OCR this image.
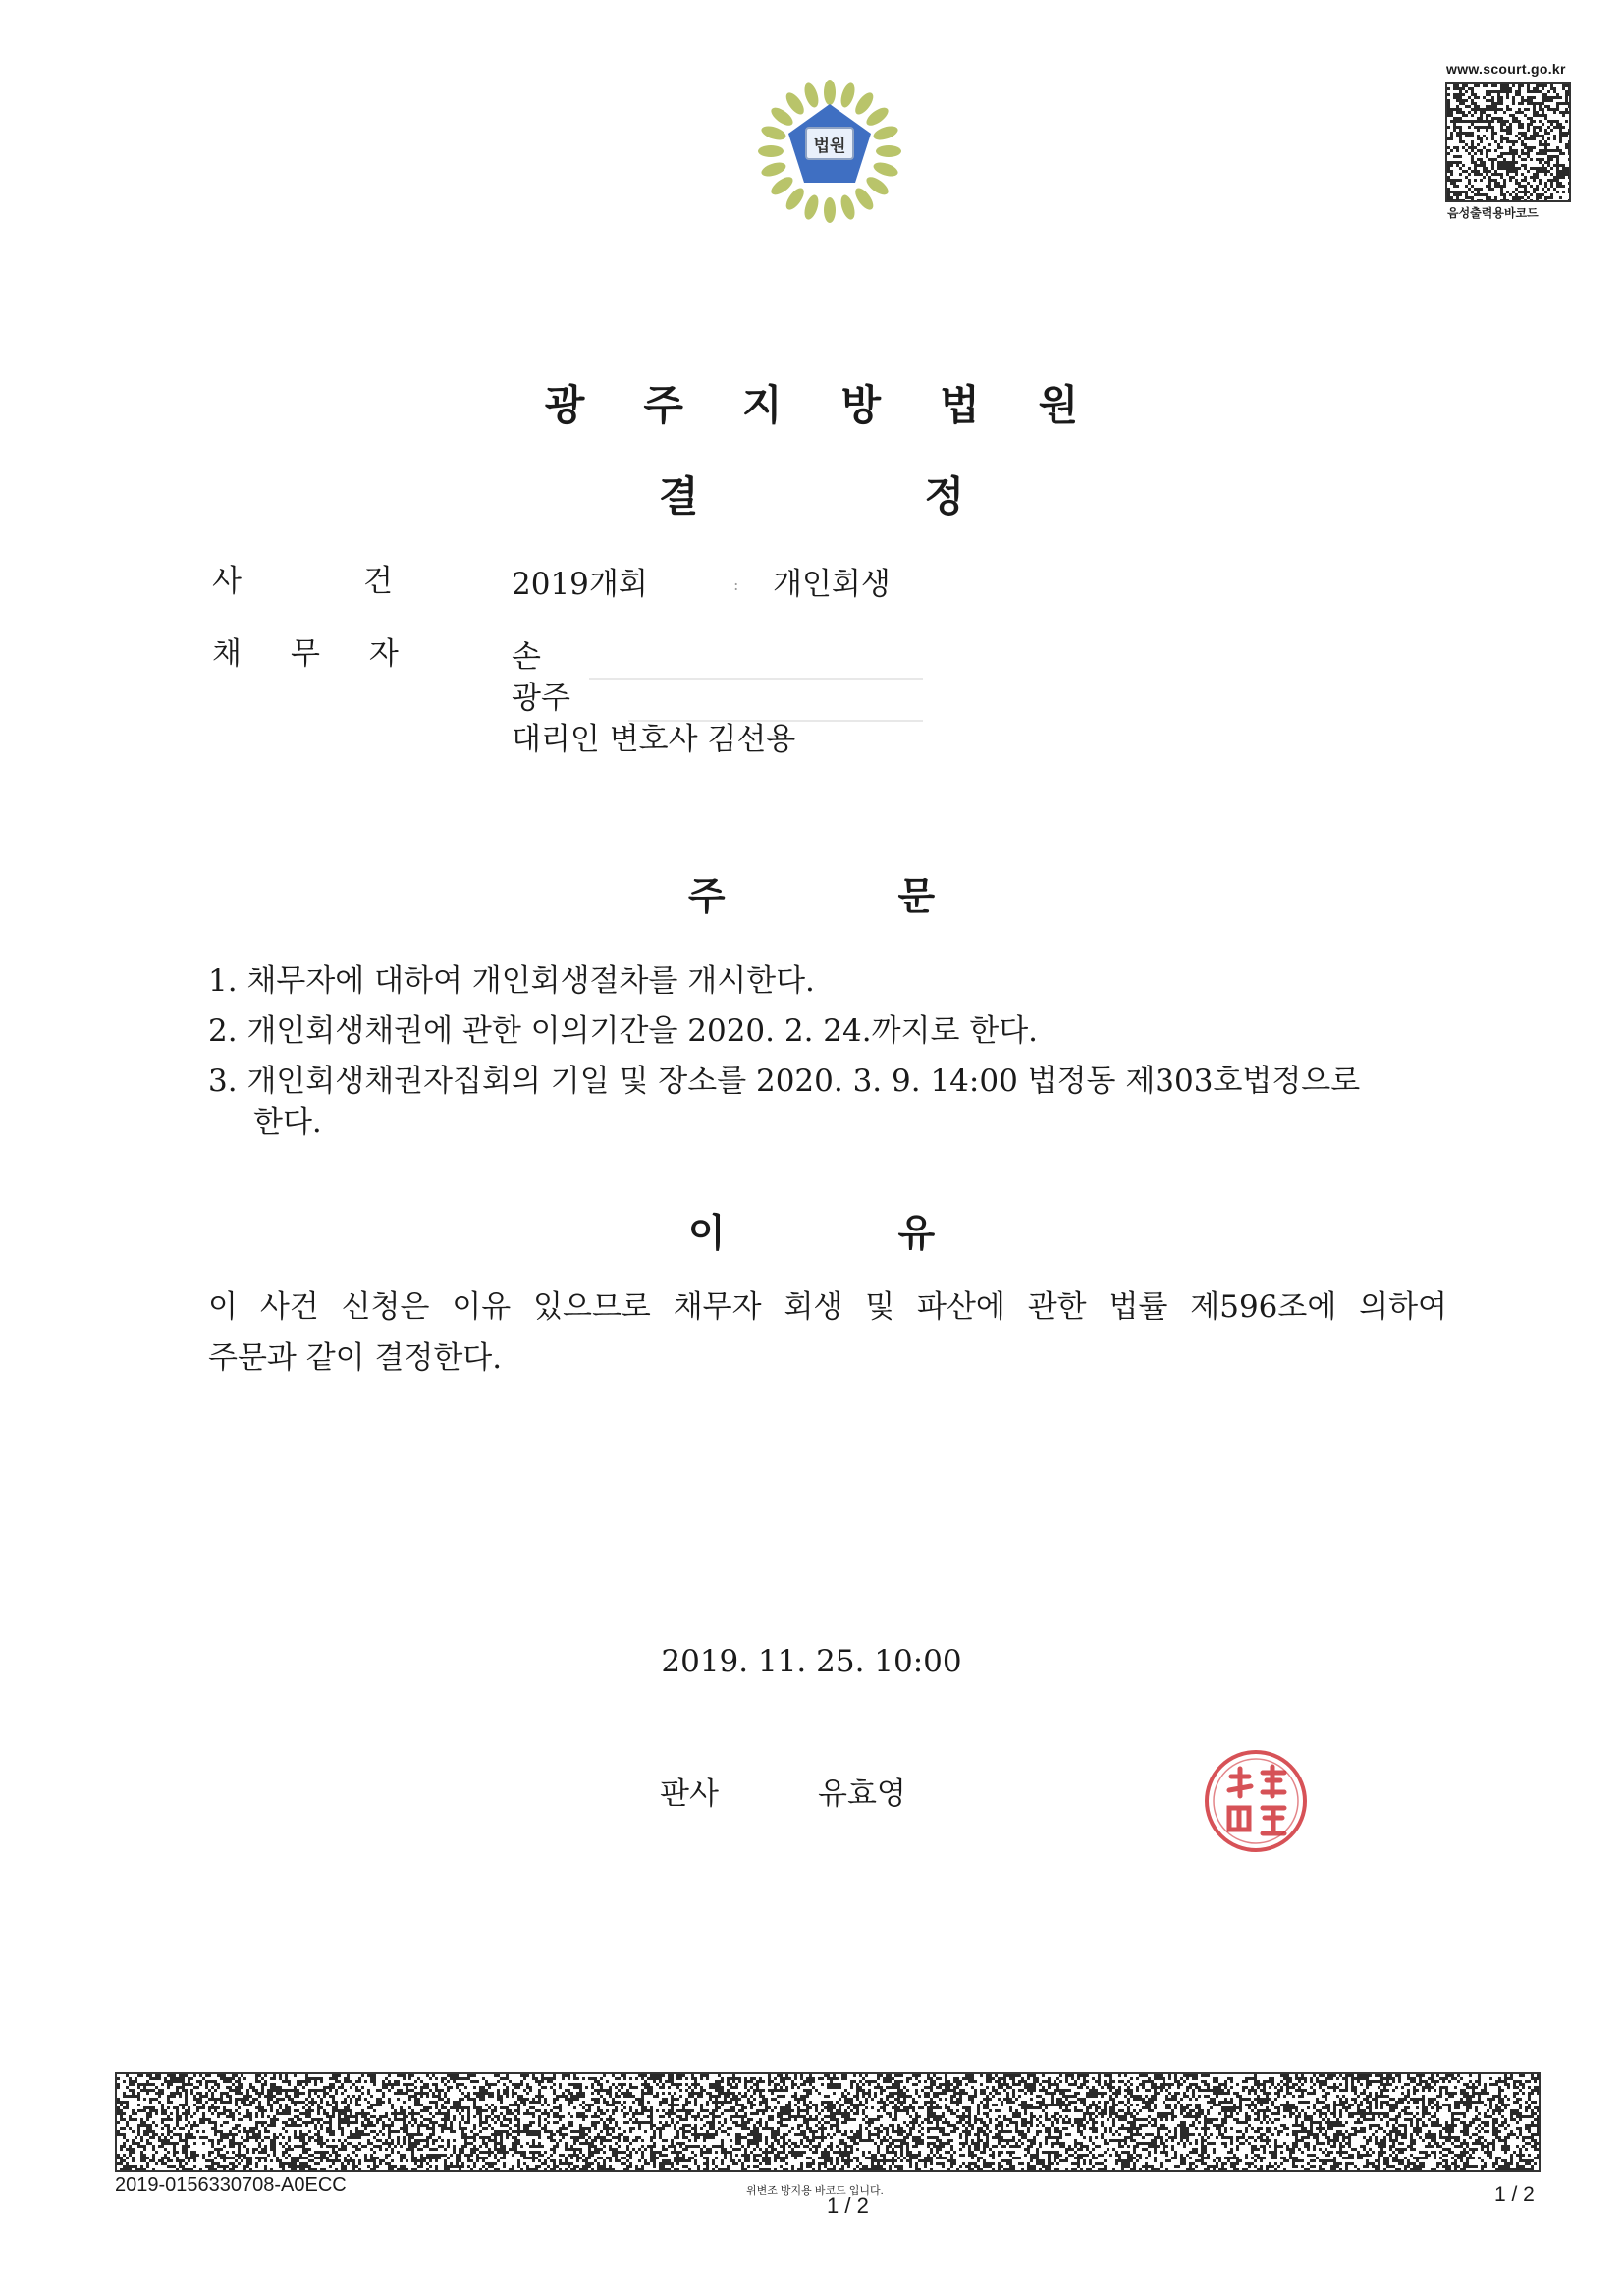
법원
www.scourt.go.kr
음성출력용바코드
광 주 지 방 법 원
결	정
사	건	2019개회	: 개인회생
채 무 자	손
광주
대리인 변호사 김선용
주	문
1. 채무자에 대하여 개인회생절차를 개시한다.
2. 개인회생채권에 관한 이의기간을 2020. 2. 24.까지로 한다.
3. 개인회생채권자집회의 기일 및 장소를 2020. 3. 9. 14:00 법정동 제303호법정으로
한다.
이	유
이 사건 신청은 이유 있으므로 채무자 회생 및 파산에 관한 법률 제596조에 의하여
주문과 같이 결정한다.
2019. 11. 25. 10:00
판사	유효영
2019-0156330708-A0ECC	위변조 방지용 바코드 입니다.
1 / 2	1 / 2
